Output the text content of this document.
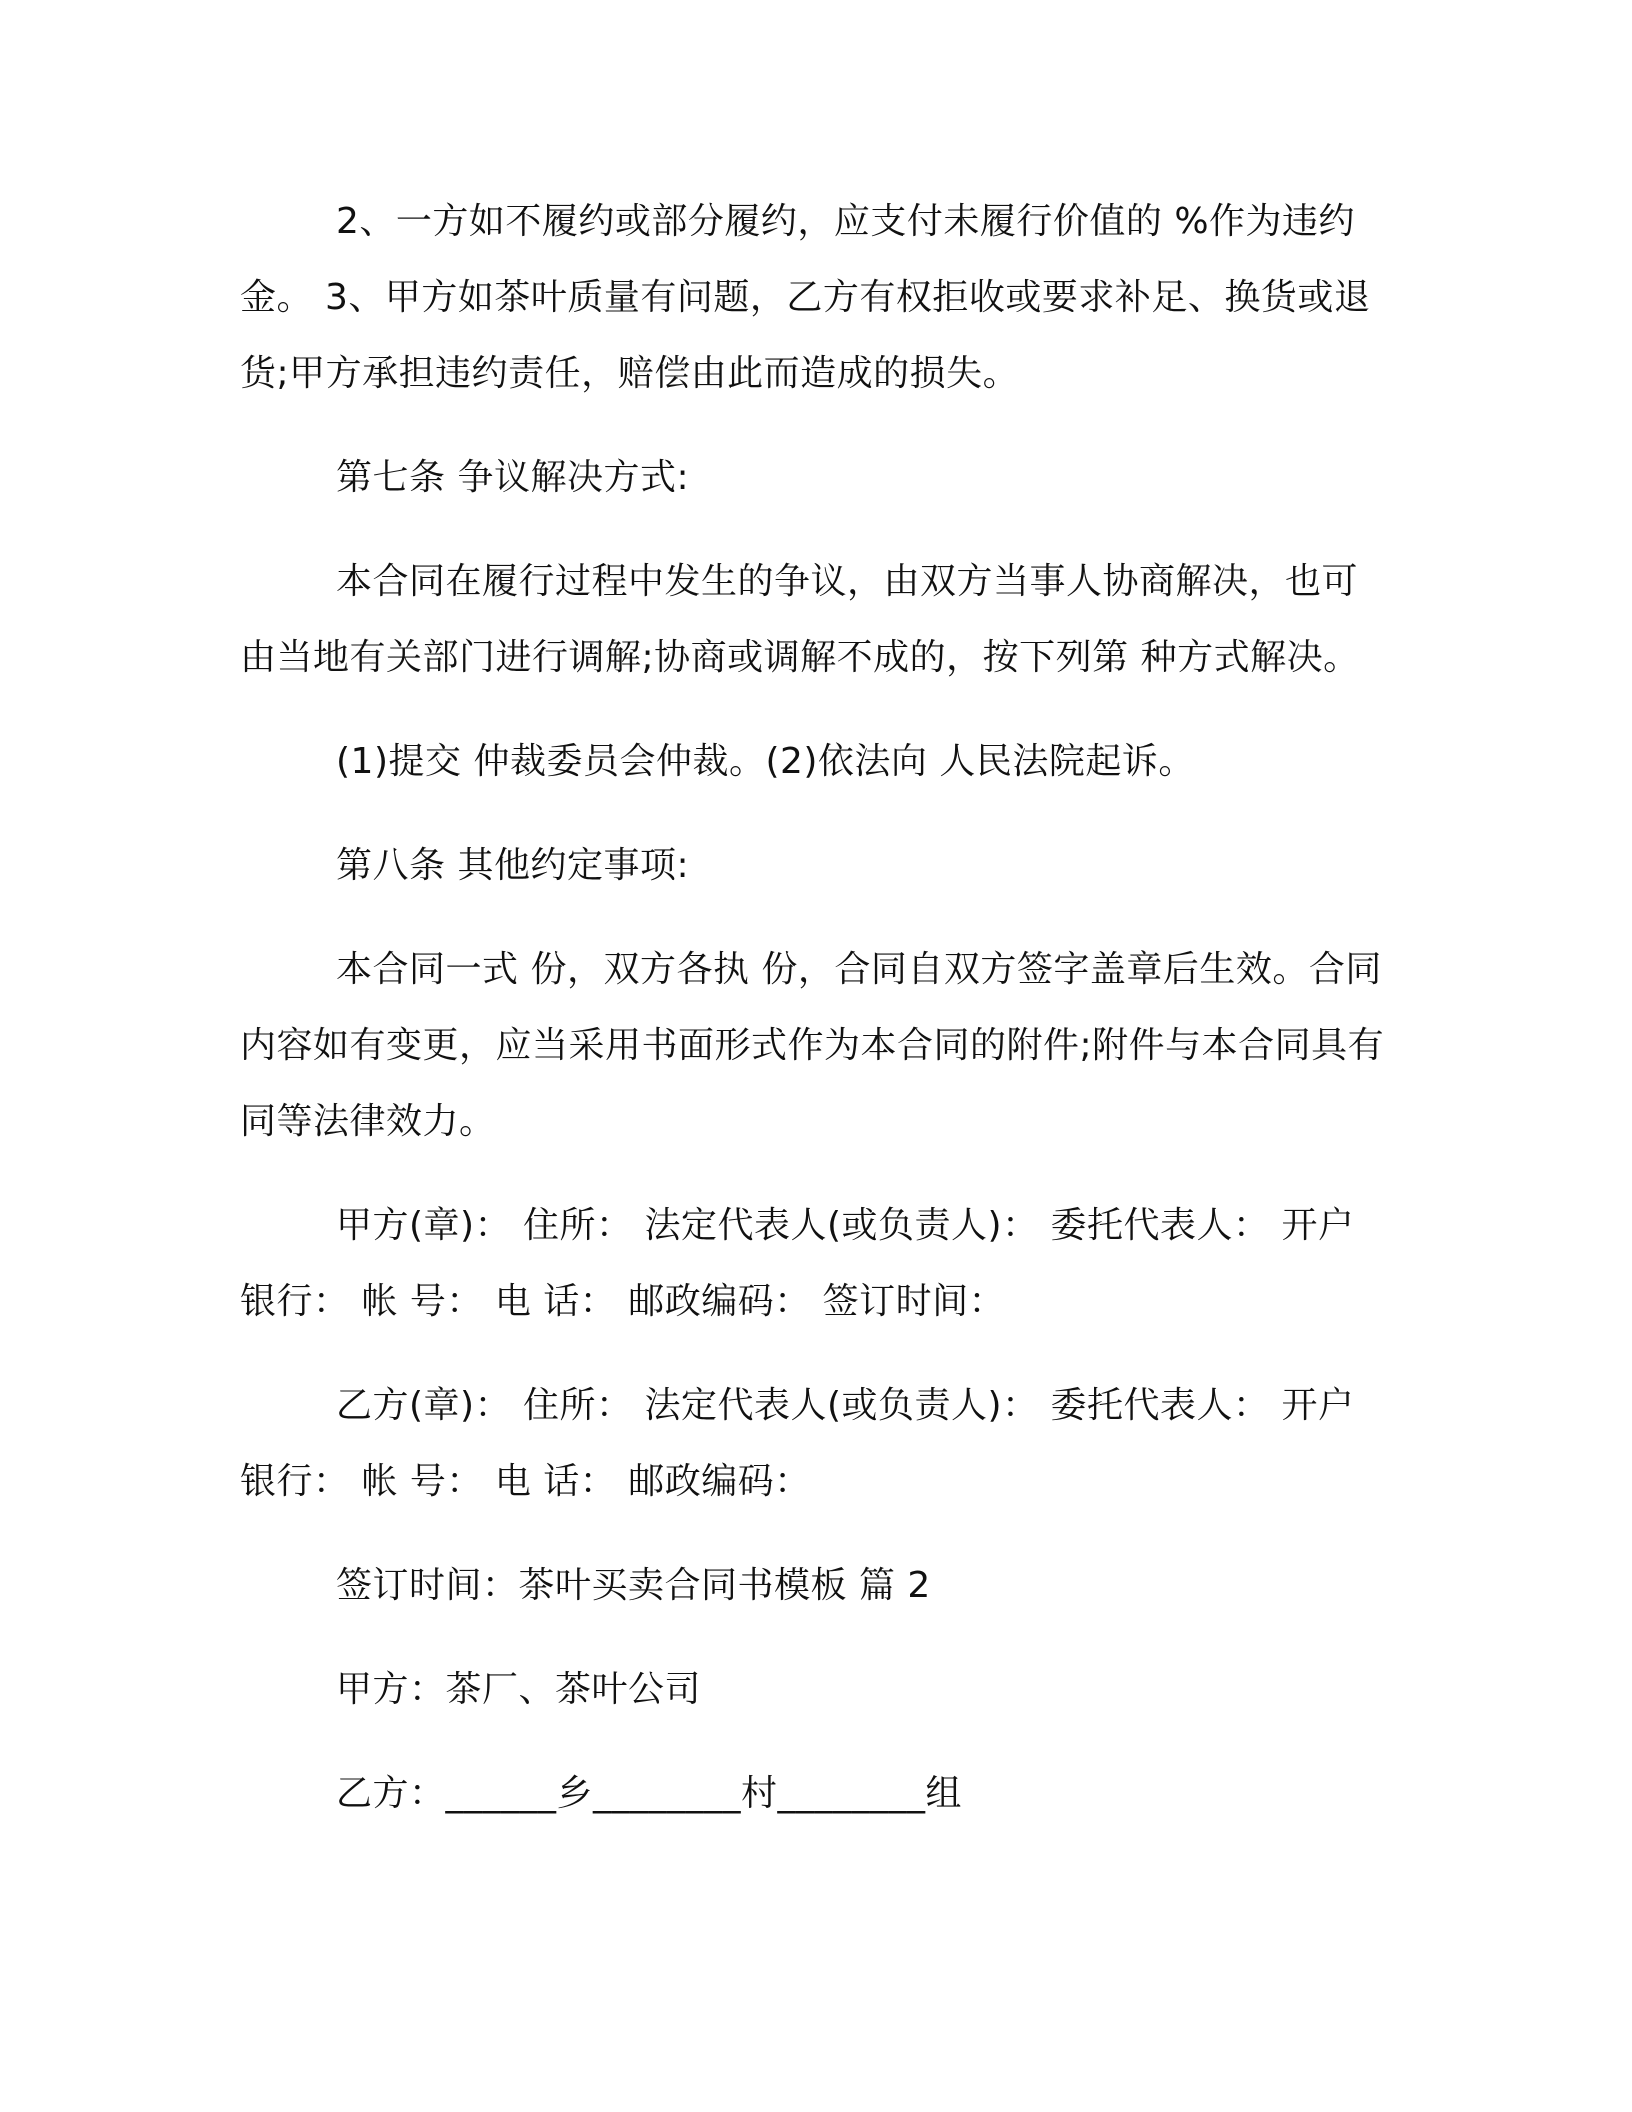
2、一方如不履约或部分履约，应支付未履行价值的 %作为违约金。 3、甲方如茶叶质量有问题，乙方有权拒收或要求补足、换货或退货;甲方承担违约责任，赔偿由此而造成的损失。

第七条 争议解决方式:

本合同在履行过程中发生的争议，由双方当事人协商解决，也可由当地有关部门进行调解;协商或调解不成的，按下列第 种方式解决。

(1)提交 仲裁委员会仲裁。(2)依法向 人民法院起诉。

第八条 其他约定事项:

本合同一式 份，双方各执 份，合同自双方签字盖章后生效。合同内容如有变更，应当采用书面形式作为本合同的附件;附件与本合同具有同等法律效力。

甲方(章)： 住所： 法定代表人(或负责人)： 委托代表人： 开户银行： 帐 号： 电 话： 邮政编码： 签订时间：

乙方(章)： 住所： 法定代表人(或负责人)： 委托代表人： 开户银行： 帐 号： 电 话： 邮政编码：

签订时间：茶叶买卖合同书模板 篇 2

甲方：茶厂、茶叶公司

乙方：______乡________村________组
